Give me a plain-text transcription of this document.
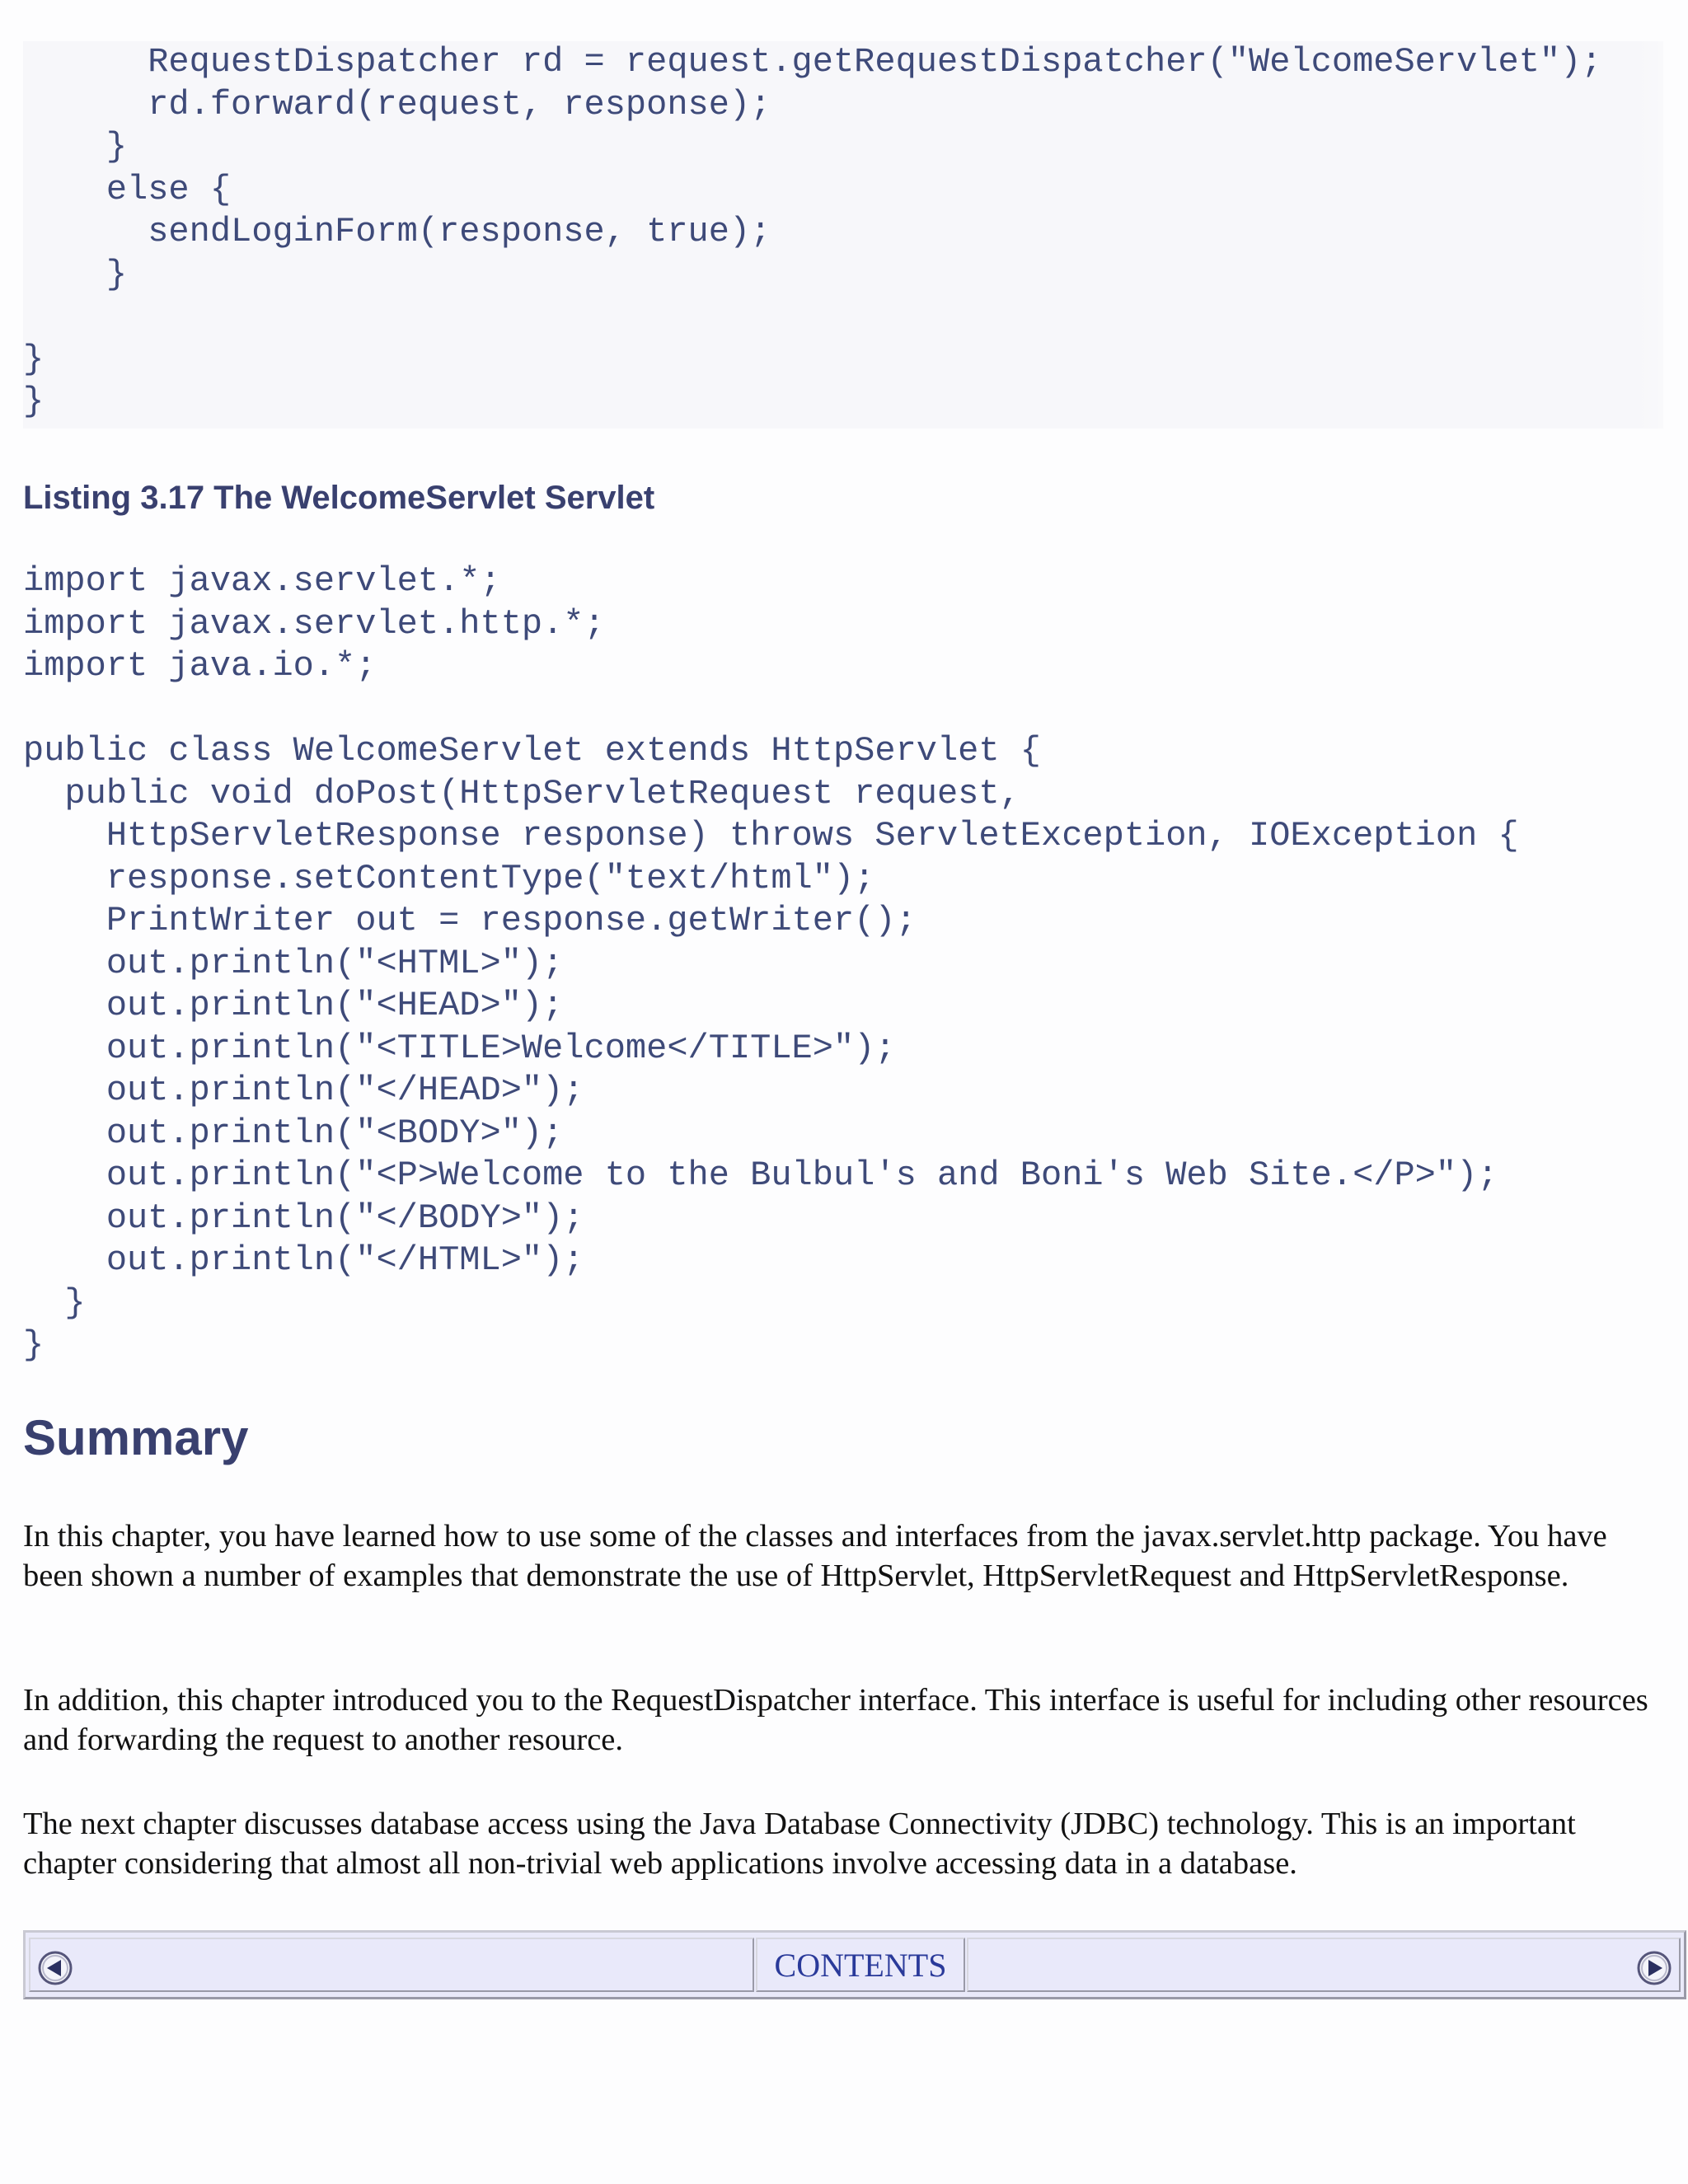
RequestDispatcher rd = request.getRequestDispatcher("WelcomeServlet");
rd.forward(request, response);
}
else {
sendLoginForm(response, true);
}
}
}
Listing 3.17 The WelcomeServlet Servlet
import javax.servlet.*;
import javax.servlet.http.*;
import java.io.*;

public class WelcomeServlet extends HttpServlet {
public void doPost(HttpServletRequest request,
HttpServletResponse response) throws ServletException, IOException {
response.setContentType("text/html");
PrintWriter out = response.getWriter();
out.println("<HTML>");
out.println("<HEAD>");
out.println("<TITLE>Welcome</TITLE>");
out.println("</HEAD>");
out.println("<BODY>");
out.println("<P>Welcome to the Bulbul's and Boni's Web Site.</P>");
out.println("</BODY>");
out.println("</HTML>");
}
}
Summary

In this chapter, you have learned how to use some of the classes and interfaces from the javax.servlet.http package. You have been shown a number of examples that demonstrate the use of HttpServlet, HttpServletRequest and HttpServletResponse.

In addition, this chapter introduced you to the RequestDispatcher interface. This interface is useful for including other resources and forwarding the request to another resource.

The next chapter discusses database access using the Java Database Connectivity (JDBC) technology. This is an important chapter considering that almost all non-trivial web applications involve accessing data in a database.

CONTENTS
